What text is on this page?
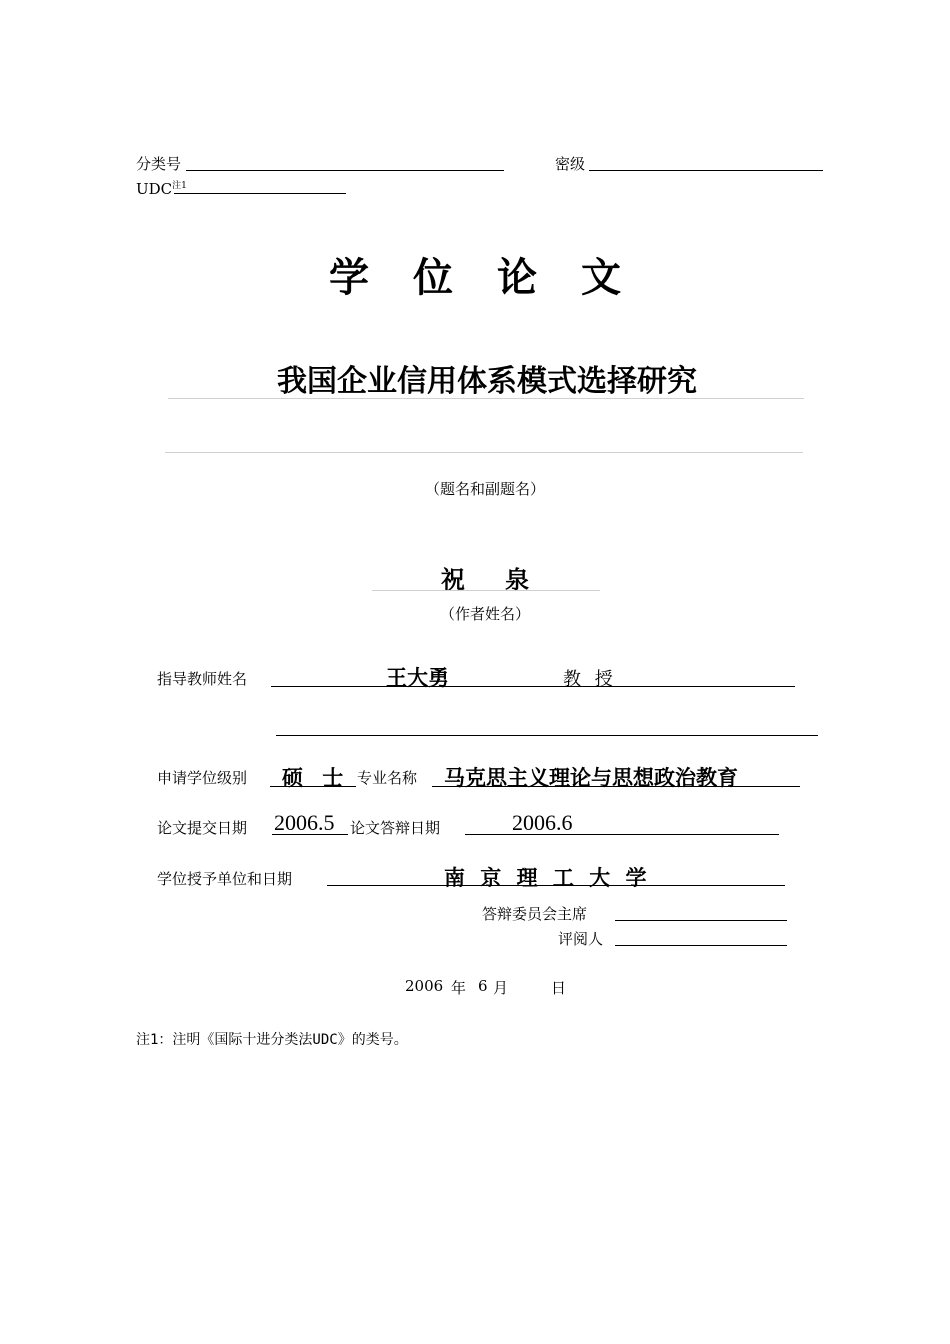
分类号	密级
UDC$^{注1}$
学位论文
我国企业信用体系模式选择研究
（题名和副题名）
祝 泉
（作者姓名）
指导教师姓名	王大勇	教 授
申请学位级别 硕 士 专业名称 马克思主义理论与思想政治教育
论文提交日期 2006.5 论文答辩日期	2006.6
学位授予单位和日期	南 京 理 工 大 学
答辩委员会主席
评阅人
2006 年 6 月	日
注1：注明《国际十进分类法UDC》的类号。
